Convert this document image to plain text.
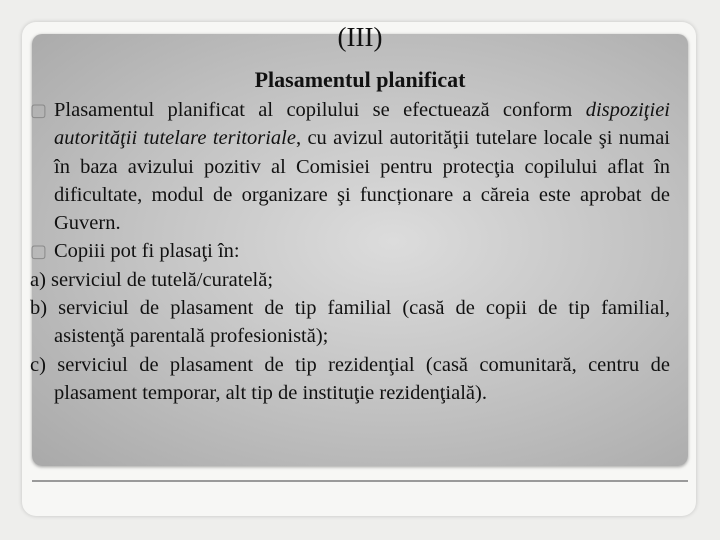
(III)
Plasamentul planificat

▢ Plasamentul planificat al copilului se efectuează conform dispoziţiei autorităţii tutelare teritoriale, cu avizul autorităţii tutelare locale şi numai în baza avizului pozitiv al Comisiei pentru protecţia copilului aflat în dificultate, modul de organizare şi funcționare a căreia este aprobat de Guvern.

▢ Copiii pot fi plasaţi în:

a) serviciul de tutelă/curatelă;

b) serviciul de plasament de tip familial (casă de copii de tip familial, asistenţă parentală profesionistă);

c) serviciul de plasament de tip rezidenţial (casă comunitară, centru de plasament temporar, alt tip de instituţie rezidenţială).
